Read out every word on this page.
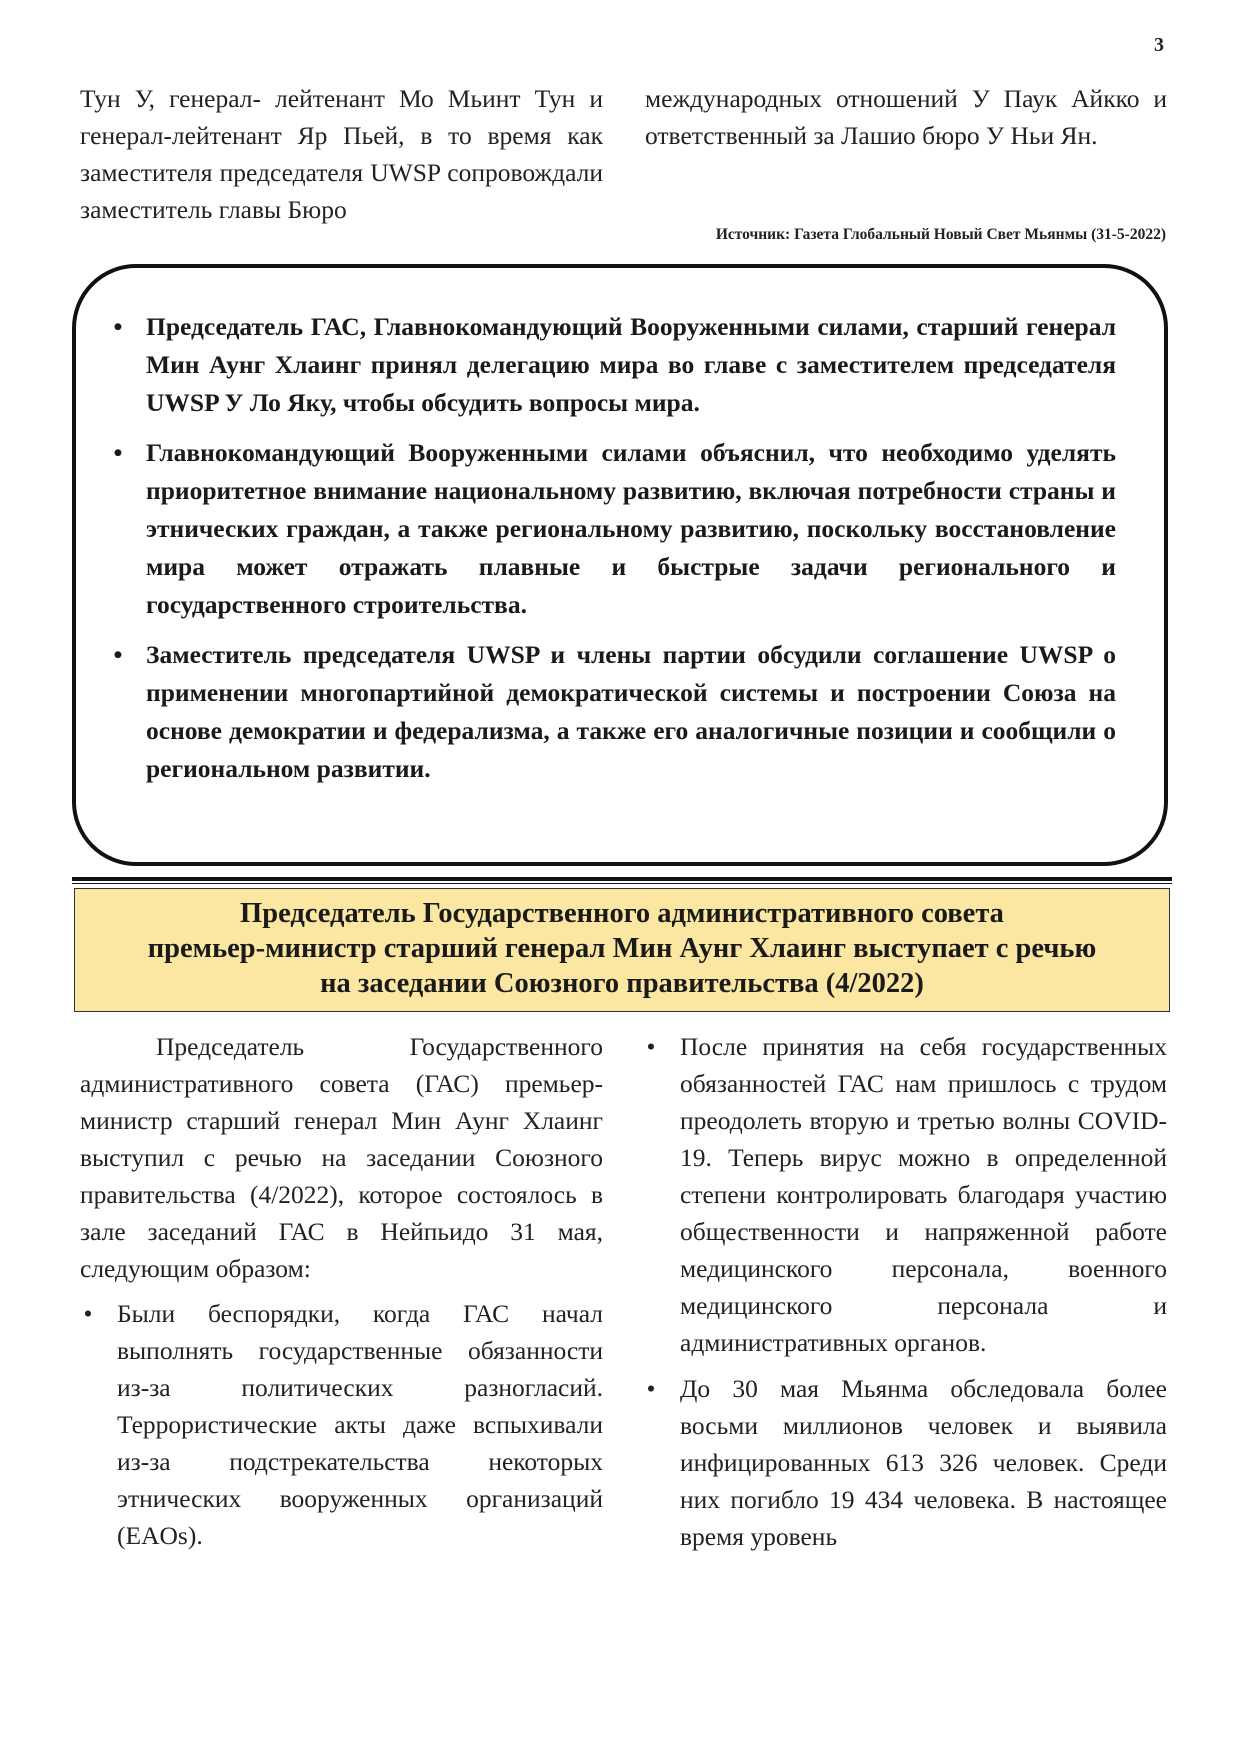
3

Тун У, генерал- лейтенант Мо Мьинт Тун и генерал-лейтенант Яр Пьей, в то время как заместителя председателя UWSP сопровождали заместитель главы Бюро

международных отношений У Паук Айкко и ответственный за Лашио бюро У Ньи Ян.

Источник: Газета Глобальный Новый Свет Мьянмы (31-5-2022)
• Председатель ГАС, Главнокомандующий Вооруженными силами, старший генерал Мин Аунг Хлаинг принял делегацию мира во главе с заместителем председателя UWSP У Ло Яку, чтобы обсудить вопросы мира.
• Главнокомандующий Вооруженными силами объяснил, что необходимо уделять приоритетное внимание национальному развитию, включая потребности страны и этнических граждан, а также региональному развитию, поскольку восстановление мира может отражать плавные и быстрые задачи регионального и государственного строительства.
• Заместитель председателя UWSP и члены партии обсудили соглашение UWSP о применении многопартийной демократической системы и построении Союза на основе демократии и федерализма, а также его аналогичные позиции и сообщили о региональном развитии.
Председатель Государственного административного совета
премьер-министр старший генерал Мин Аунг Хлаинг выступает с речью
на заседании Союзного правительства (4/2022)

Председатель Государственного административного совета (ГАС) премьер-министр старший генерал Мин Аунг Хлаинг выступил с речью на заседании Союзного правительства (4/2022), которое состоялось в зале заседаний ГАС в Нейпьидо 31 мая, следующим образом:

• Были беспорядки, когда ГАС начал выполнять государственные обязанности из-за политических разногласий. Террористические акты даже вспыхивали из-за подстрекательства некоторых этнических вооруженных организаций (EAOs).
• После принятия на себя государственных обязанностей ГАС нам пришлось с трудом преодолеть вторую и третью волны COVID-19. Теперь вирус можно в определенной степени контролировать благодаря участию общественности и напряженной работе медицинского персонала, военного медицинского персонала и административных органов.
• До 30 мая Мьянма обследовала более восьми миллионов человек и выявила инфицированных 613 326 человек. Среди них погибло 19 434 человека. В настоящее время уровень
